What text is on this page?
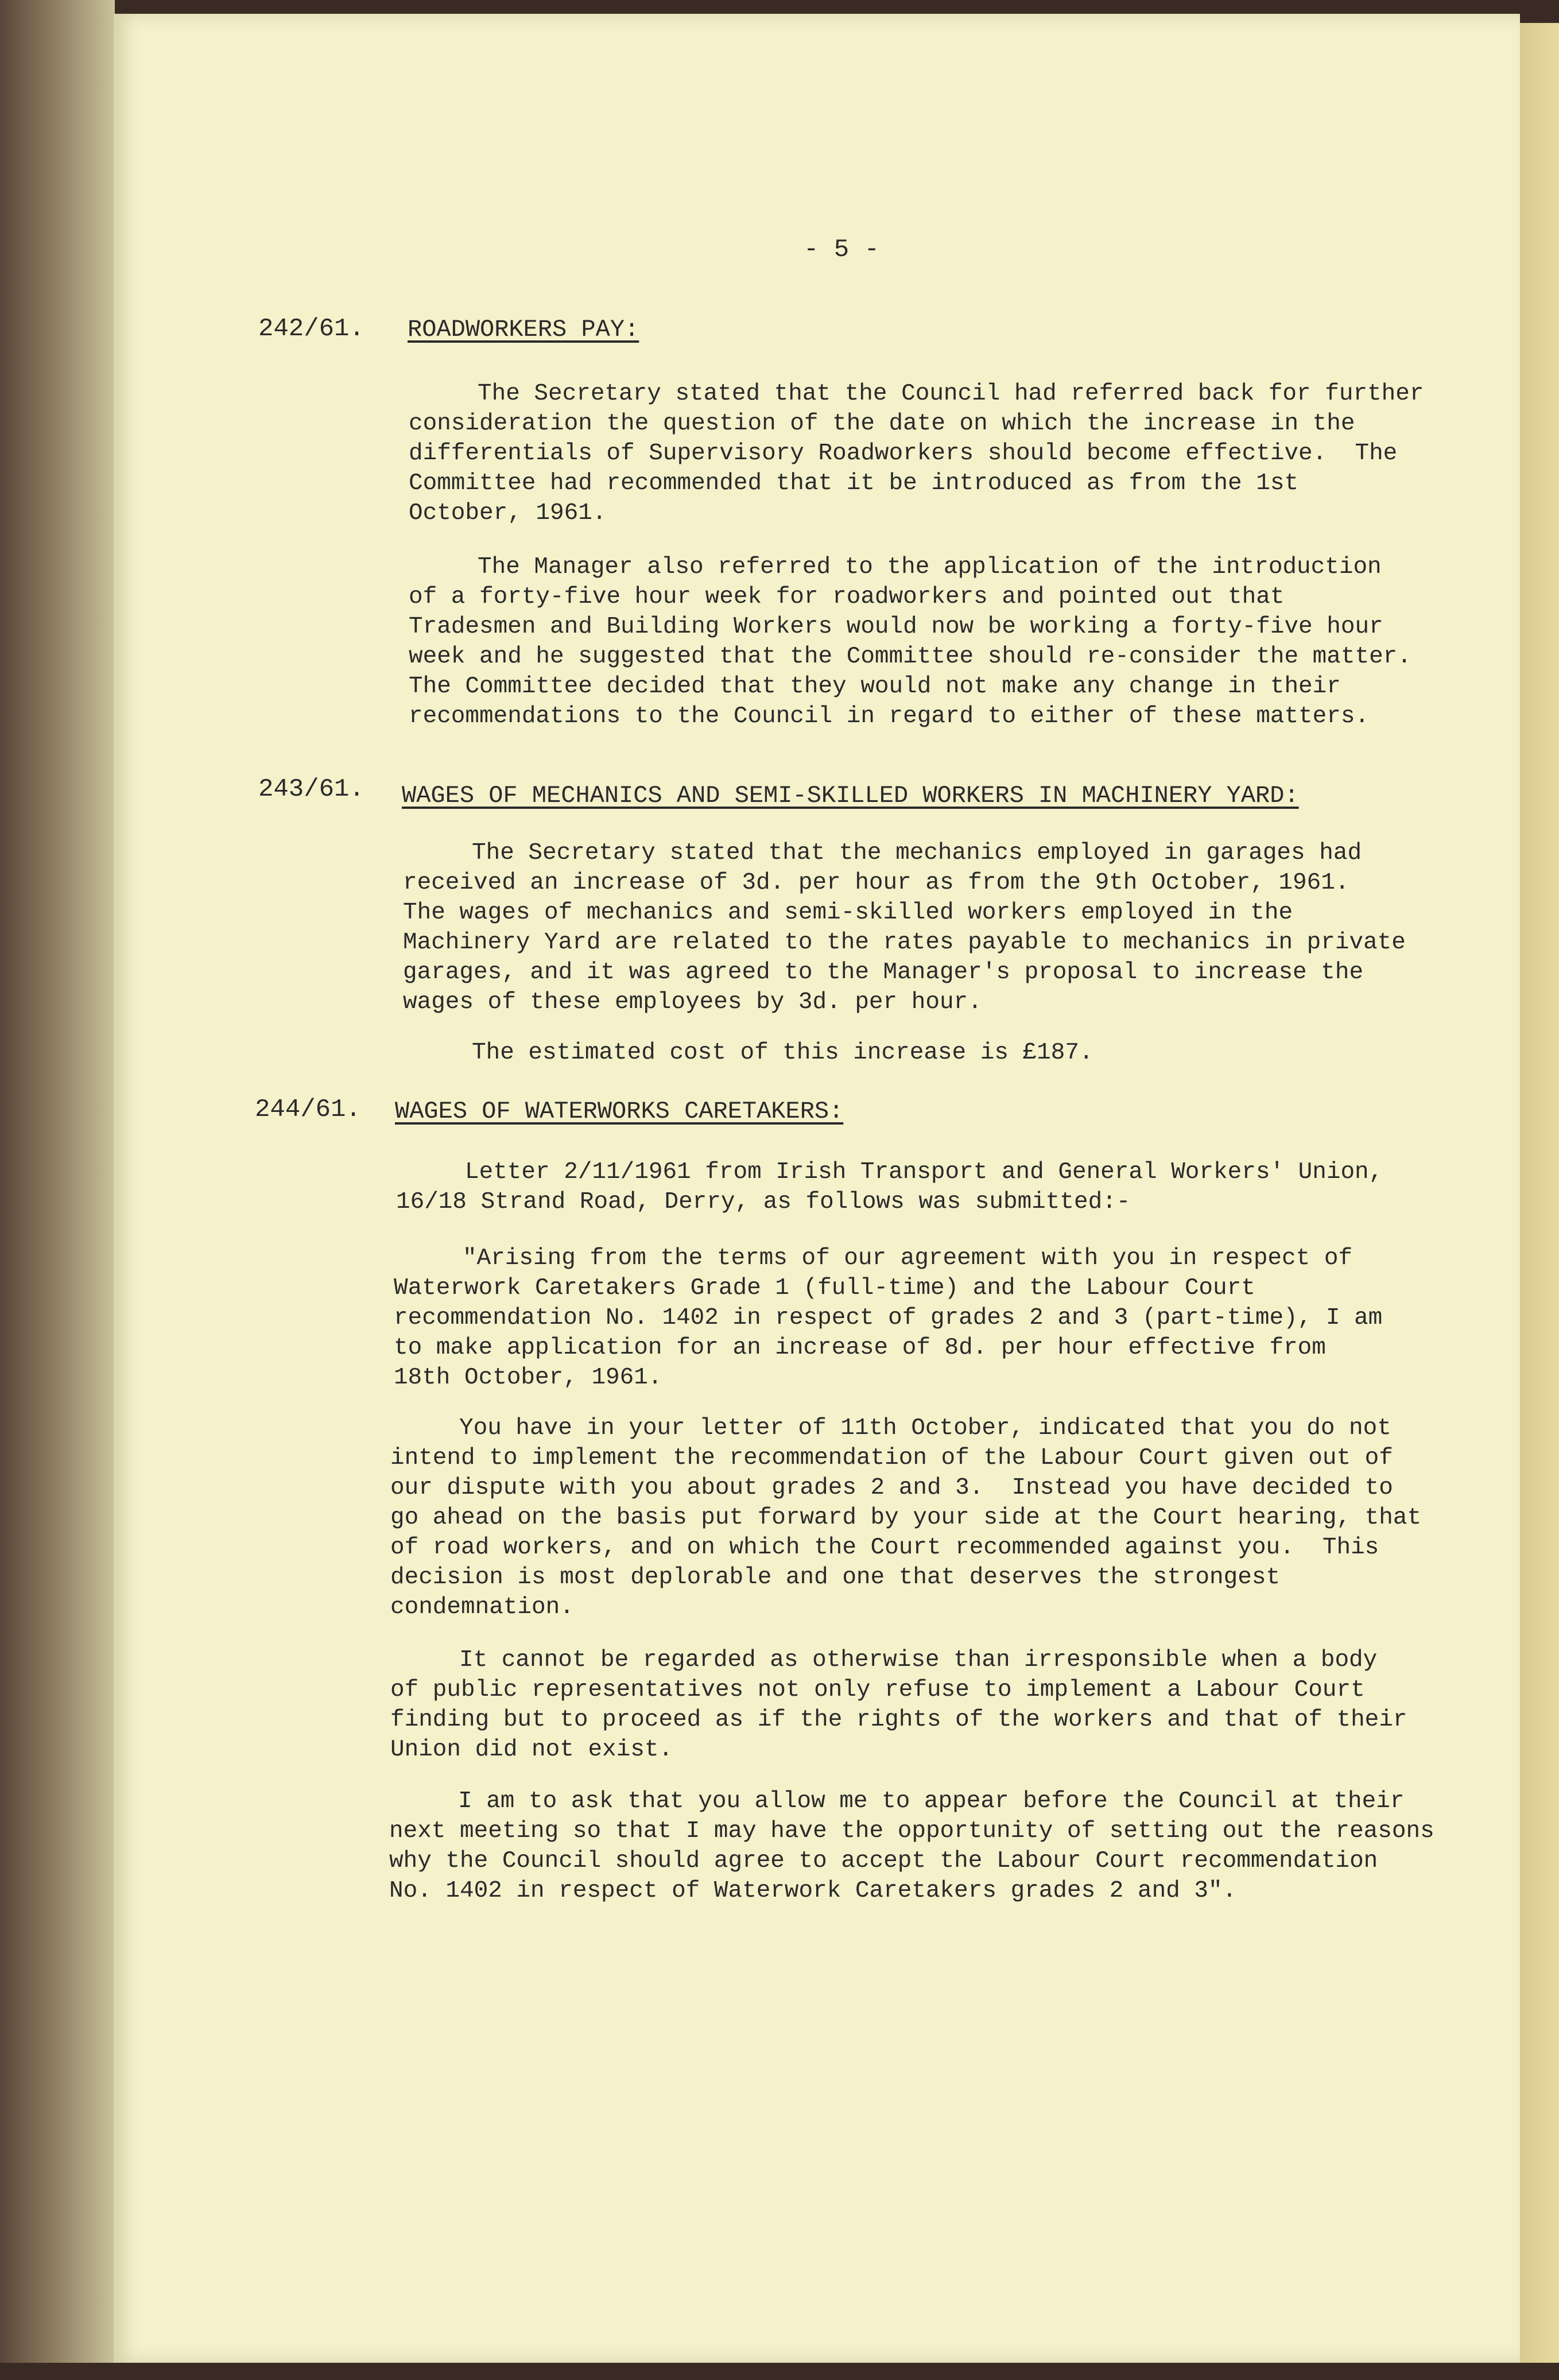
- 5 -
242/61. ROADWORKERS PAY:
The Secretary stated that the Council had referred back for further
consideration the question of the date on which the increase in the
differentials of Supervisory Roadworkers should become effective.  The
Committee had recommended that it be introduced as from the 1st
October, 1961.
The Manager also referred to the application of the introduction
of a forty-five hour week for roadworkers and pointed out that
Tradesmen and Building Workers would now be working a forty-five hour
week and he suggested that the Committee should re-consider the matter.
The Committee decided that they would not make any change in their
recommendations to the Council in regard to either of these matters.
243/61. WAGES OF MECHANICS AND SEMI-SKILLED WORKERS IN MACHINERY YARD:
The Secretary stated that the mechanics employed in garages had
received an increase of 3d. per hour as from the 9th October, 1961.
The wages of mechanics and semi-skilled workers employed in the
Machinery Yard are related to the rates payable to mechanics in private
garages, and it was agreed to the Manager's proposal to increase the
wages of these employees by 3d. per hour.
The estimated cost of this increase is £187.
244/61. WAGES OF WATERWORKS CARETAKERS:
Letter 2/11/1961 from Irish Transport and General Workers' Union,
16/18 Strand Road, Derry, as follows was submitted:-
"Arising from the terms of our agreement with you in respect of
Waterwork Caretakers Grade 1 (full-time) and the Labour Court
recommendation No. 1402 in respect of grades 2 and 3 (part-time), I am
to make application for an increase of 8d. per hour effective from
18th October, 1961.
You have in your letter of 11th October, indicated that you do not
intend to implement the recommendation of the Labour Court given out of
our dispute with you about grades 2 and 3.  Instead you have decided to
go ahead on the basis put forward by your side at the Court hearing, that
of road workers, and on which the Court recommended against you.  This
decision is most deplorable and one that deserves the strongest
condemnation.
It cannot be regarded as otherwise than irresponsible when a body
of public representatives not only refuse to implement a Labour Court
finding but to proceed as if the rights of the workers and that of their
Union did not exist.
I am to ask that you allow me to appear before the Council at their
next meeting so that I may have the opportunity of setting out the reasons
why the Council should agree to accept the Labour Court recommendation
No. 1402 in respect of Waterwork Caretakers grades 2 and 3".
